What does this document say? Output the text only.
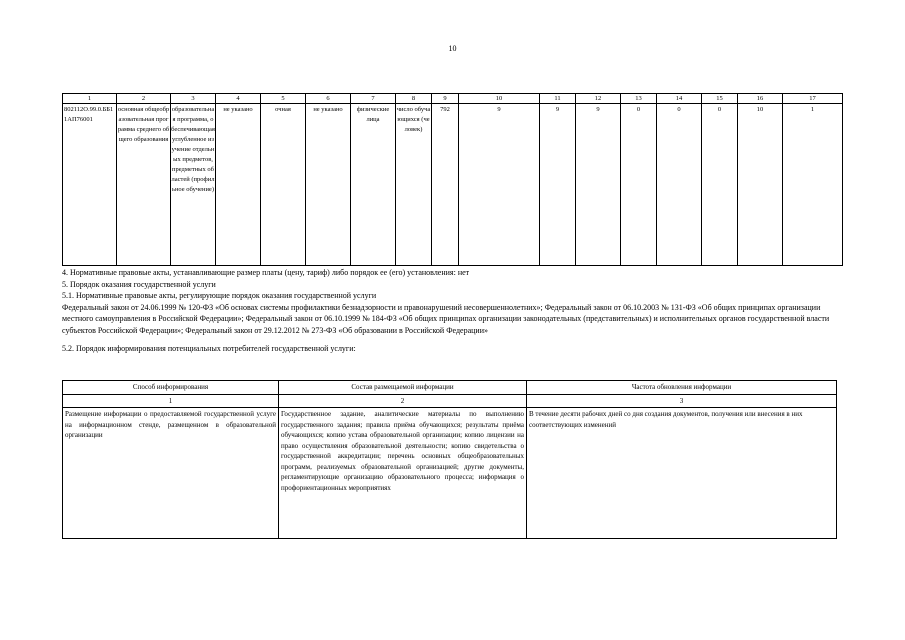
10
1	2	3	4	5	6	7	8	9	10	11	12	13	14	15	16	17
802112О.99.0.ББ11АП76001	основная общеобразовательная программа среднего общего образования	образовательная программа, обеспечивающая углубленное изучение отдельных предметов, предметных областей (профильное обучение)	не указано	очная	не указано	физические лица	число обучающихся (человек)	792	9	9	9	0	0	0	10	1

4. Нормативные правовые акты, устанавливающие размер платы (цену, тариф) либо порядок ее (его) установления: нет

5. Порядок оказания государственной услуги

5.1. Нормативные правовые акты, регулирующие порядок оказания государственной услуги

Федеральный закон от 24.06.1999 № 120-ФЗ «Об основах системы профилактики безнадзорности и правонарушений несовершеннолетних»; Федеральный закон от 06.10.2003 № 131-ФЗ «Об общих принципах организации местного самоуправления в Российской Федерации»; Федеральный закон от 06.10.1999 № 184-ФЗ «Об общих принципах организации законодательных (представительных) и исполнительных органов государственной власти субъектов Российской Федерации»; Федеральный закон от 29.12.2012 № 273-ФЗ «Об образовании в Российской Федерации»

5.2. Порядок информирования потенциальных потребителей государственной услуги:

Способ информирования	Состав размещаемой информации	Частота обновления информации
1	2	3
Размещение информации о предоставляемой государственной услуге на информационном стенде, размещенном в образовательной организации	Государственное задание, аналитические материалы по выполнению государственного задания; правила приёма обучающихся; результаты приёма обучающихся; копию устава образовательной организации; копию лицензии на право осуществления образовательной деятельности; копию свидетельства о государственной аккредитации; перечень основных общеобразовательных программ, реализуемых образовательной организацией; другие документы, регламентирующие организацию образовательного процесса; информация о профориентационных мероприятиях	В течение десяти рабочих дней со дня создания документов, получения или внесения в них соответствующих изменений
